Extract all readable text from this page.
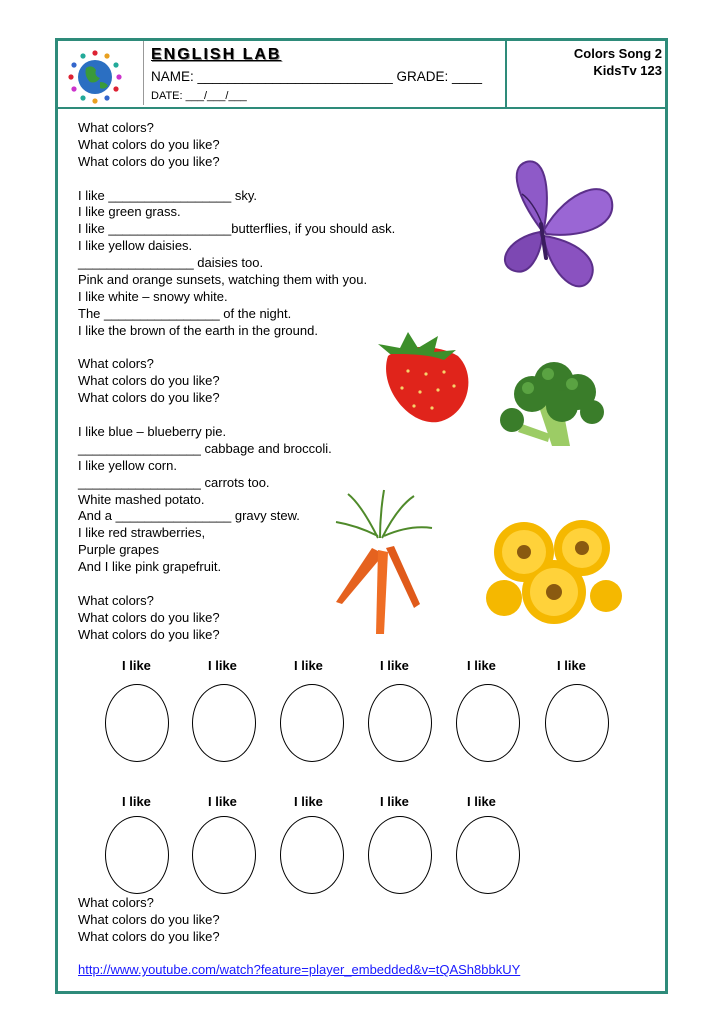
ENGLISH LAB
NAME: __________________________ GRADE: ____
DATE: ___/___/___
Colors Song 2
KidsTv 123
What colors?
What colors do you like?
What colors do you like?
I like _________________ sky.
I like green grass.
I like _________________butterflies, if you should ask.
I like yellow daisies.
________________ daisies too.
Pink and orange sunsets, watching them with you.
I like white – snowy white.
The ________________ of the night.
I like the brown of the earth in the ground.
What colors?
What colors do you like?
What colors do you like?
I like blue – blueberry pie.
_________________ cabbage and broccoli.
I like yellow corn.
_________________ carrots too.
White mashed potato.
And a ________________ gravy stew.
I like red strawberries,
Purple grapes
And I like pink grapefruit.
What colors?
What colors do you like?
What colors do you like?
I like	I like	I like	I like	I like	I like
I like	I like	I like	I like	I like
What colors?
What colors do you like?
What colors do you like?
http://www.youtube.com/watch?feature=player_embedded&v=tQASh8bbkUY
